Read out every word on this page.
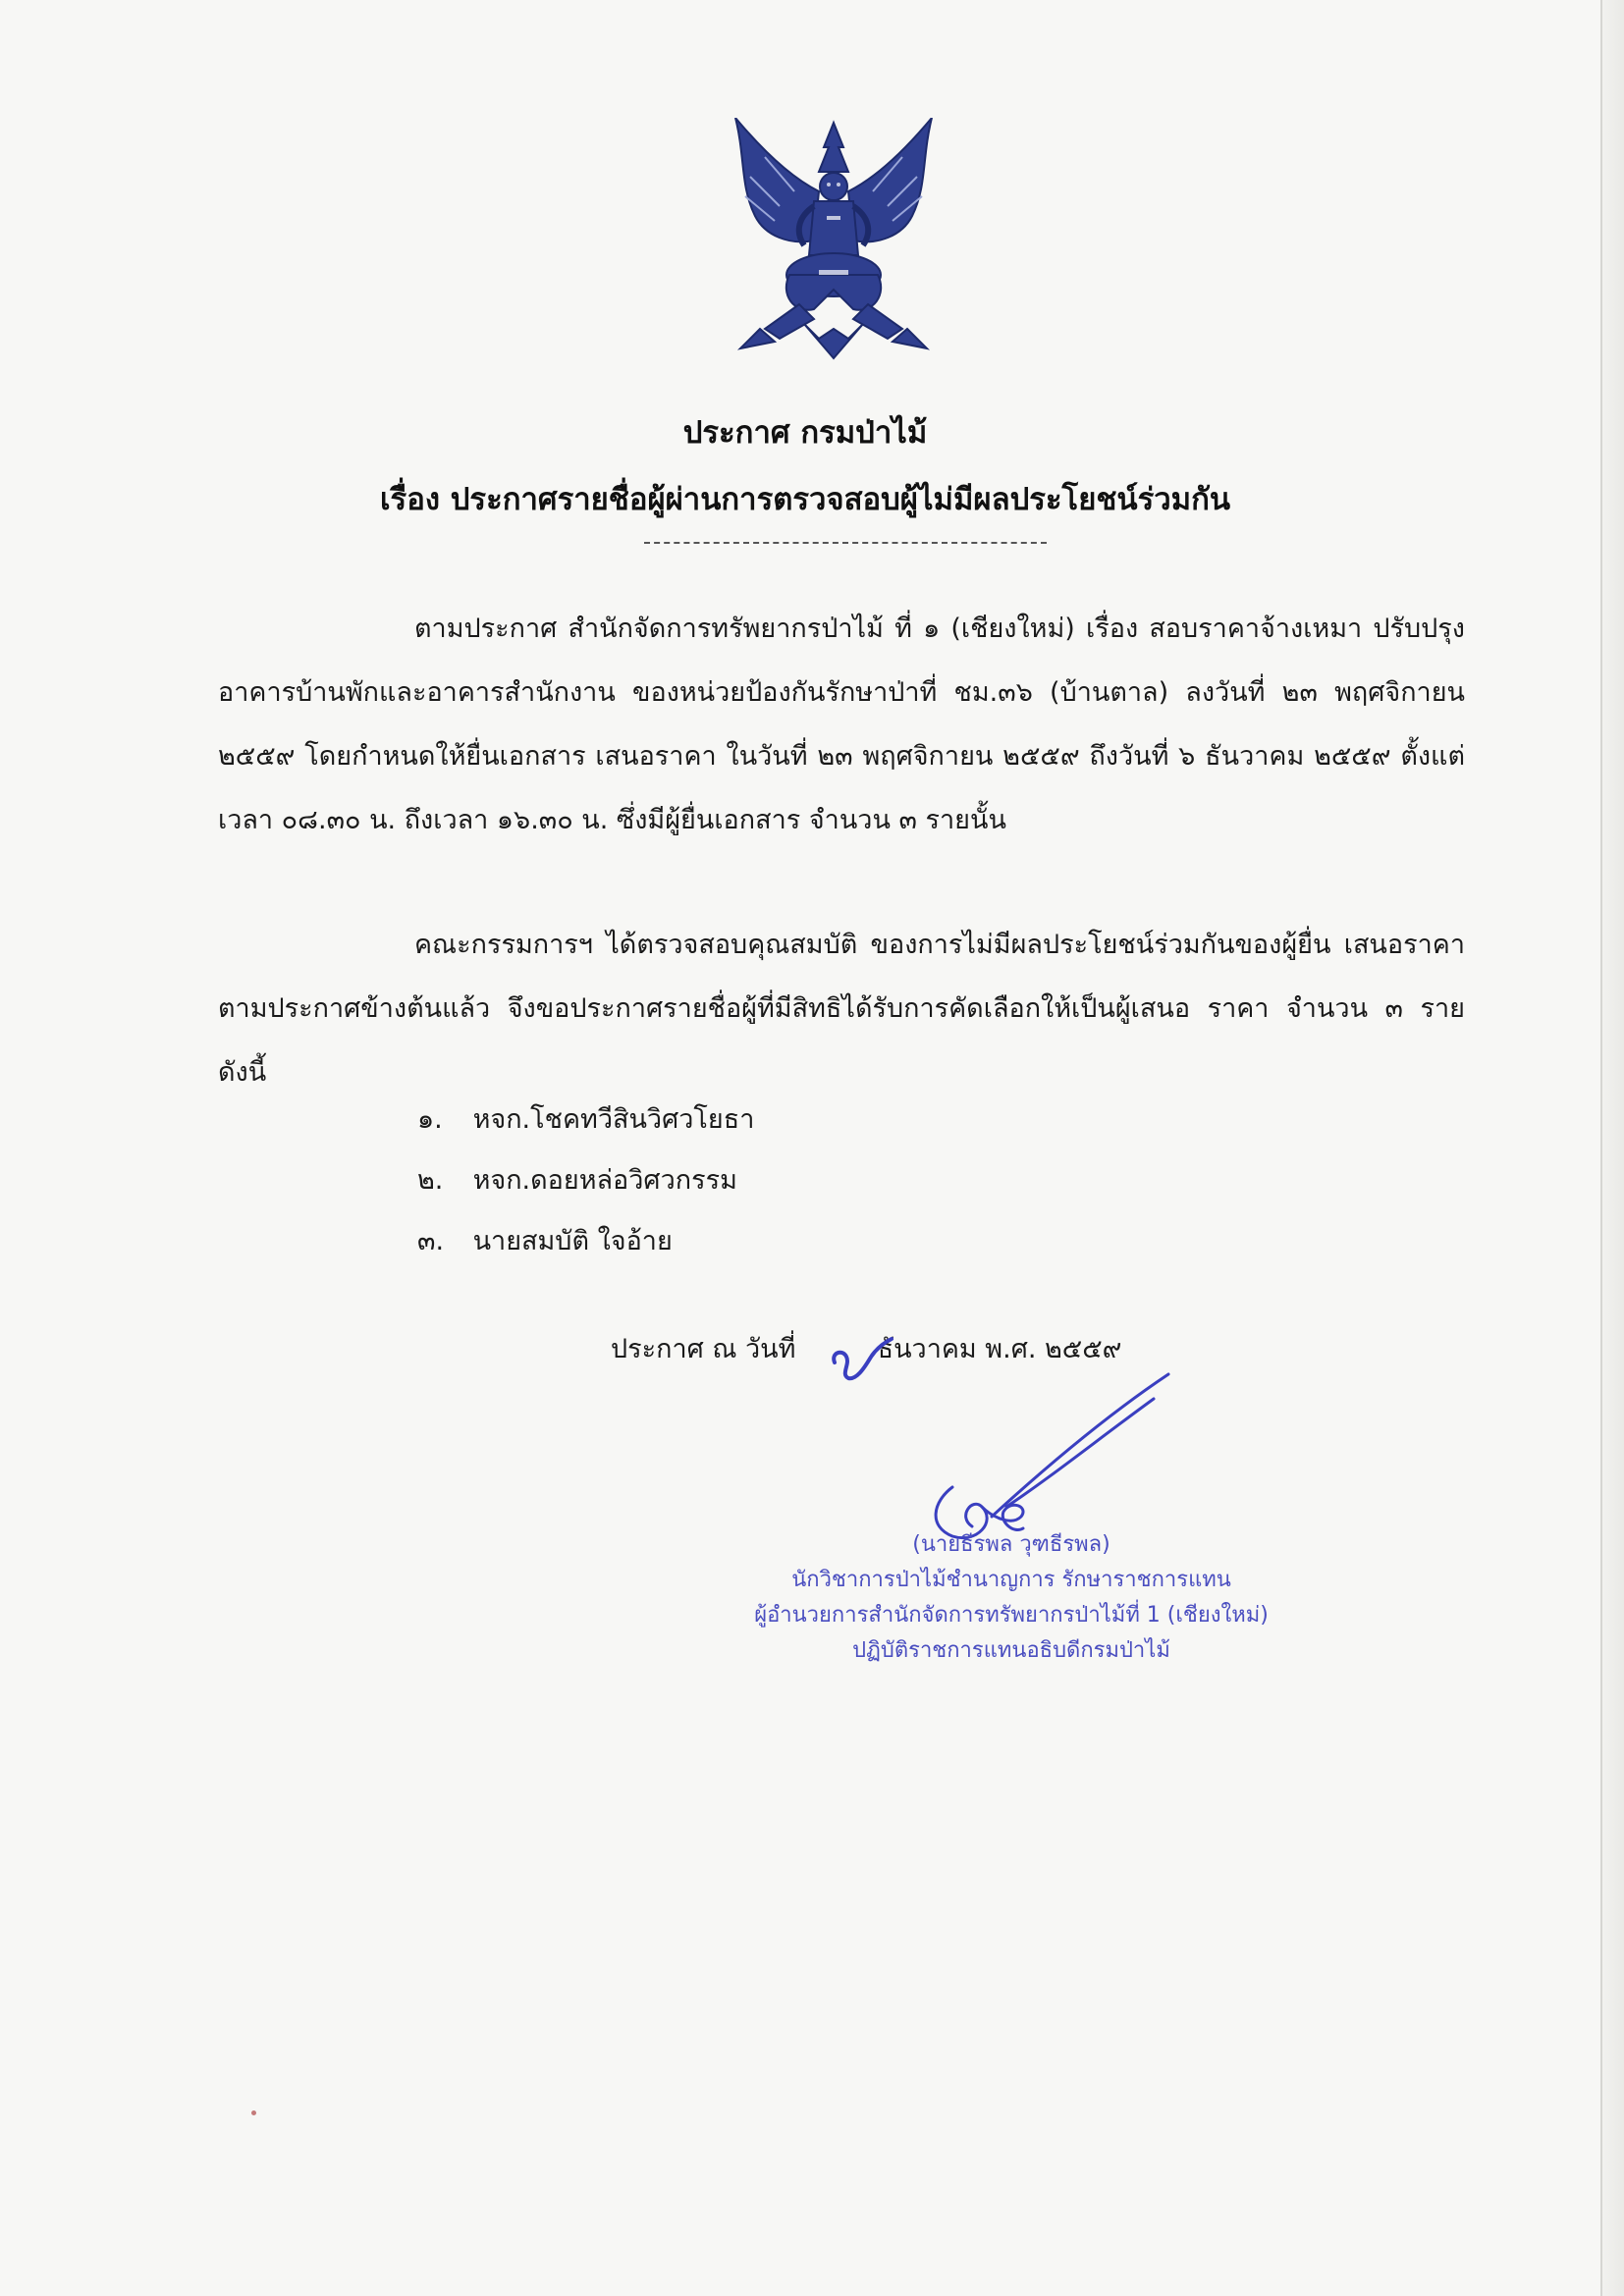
ประกาศ กรมป่าไม้
เรื่อง ประกาศรายชื่อผู้ผ่านการตรวจสอบผู้ไม่มีผลประโยชน์ร่วมกัน
ตามประกาศ สำนักจัดการทรัพยากรป่าไม้ ที่ ๑ (เชียงใหม่) เรื่อง สอบราคาจ้างเหมา ปรับปรุงอาคารบ้านพักและอาคารสำนักงาน ของหน่วยป้องกันรักษาป่าที่ ชม.๓๖ (บ้านตาล) ลงวันที่ ๒๓ พฤศจิกายน ๒๕๕๙ โดยกำหนดให้ยื่นเอกสาร เสนอราคา ในวันที่ ๒๓ พฤศจิกายน ๒๕๕๙ ถึงวันที่ ๖ ธันวาคม ๒๕๕๙ ตั้งแต่เวลา ๐๘.๓๐ น. ถึงเวลา ๑๖.๓๐ น. ซึ่งมีผู้ยื่นเอกสาร จำนวน ๓ รายนั้น
คณะกรรมการฯ ได้ตรวจสอบคุณสมบัติ ของการไม่มีผลประโยชน์ร่วมกันของผู้ยื่น เสนอราคาตามประกาศข้างต้นแล้ว จึงขอประกาศรายชื่อผู้ที่มีสิทธิได้รับการคัดเลือกให้เป็นผู้เสนอ ราคา จำนวน ๓ ราย ดังนี้
๑. หจก.โชคทวีสินวิศวโยธา
๒. หจก.ดอยหล่อวิศวกรรม
๓. นายสมบัติ ใจอ้าย
ประกาศ ณ วันที่	ธันวาคม พ.ศ. ๒๕๕๙
(นายธีรพล วุฑธีรพล)
นักวิชาการป่าไม้ชำนาญการ รักษาราชการแทน
ผู้อำนวยการสำนักจัดการทรัพยากรป่าไม้ที่ 1 (เชียงใหม่)
ปฏิบัติราชการแทนอธิบดีกรมป่าไม้
